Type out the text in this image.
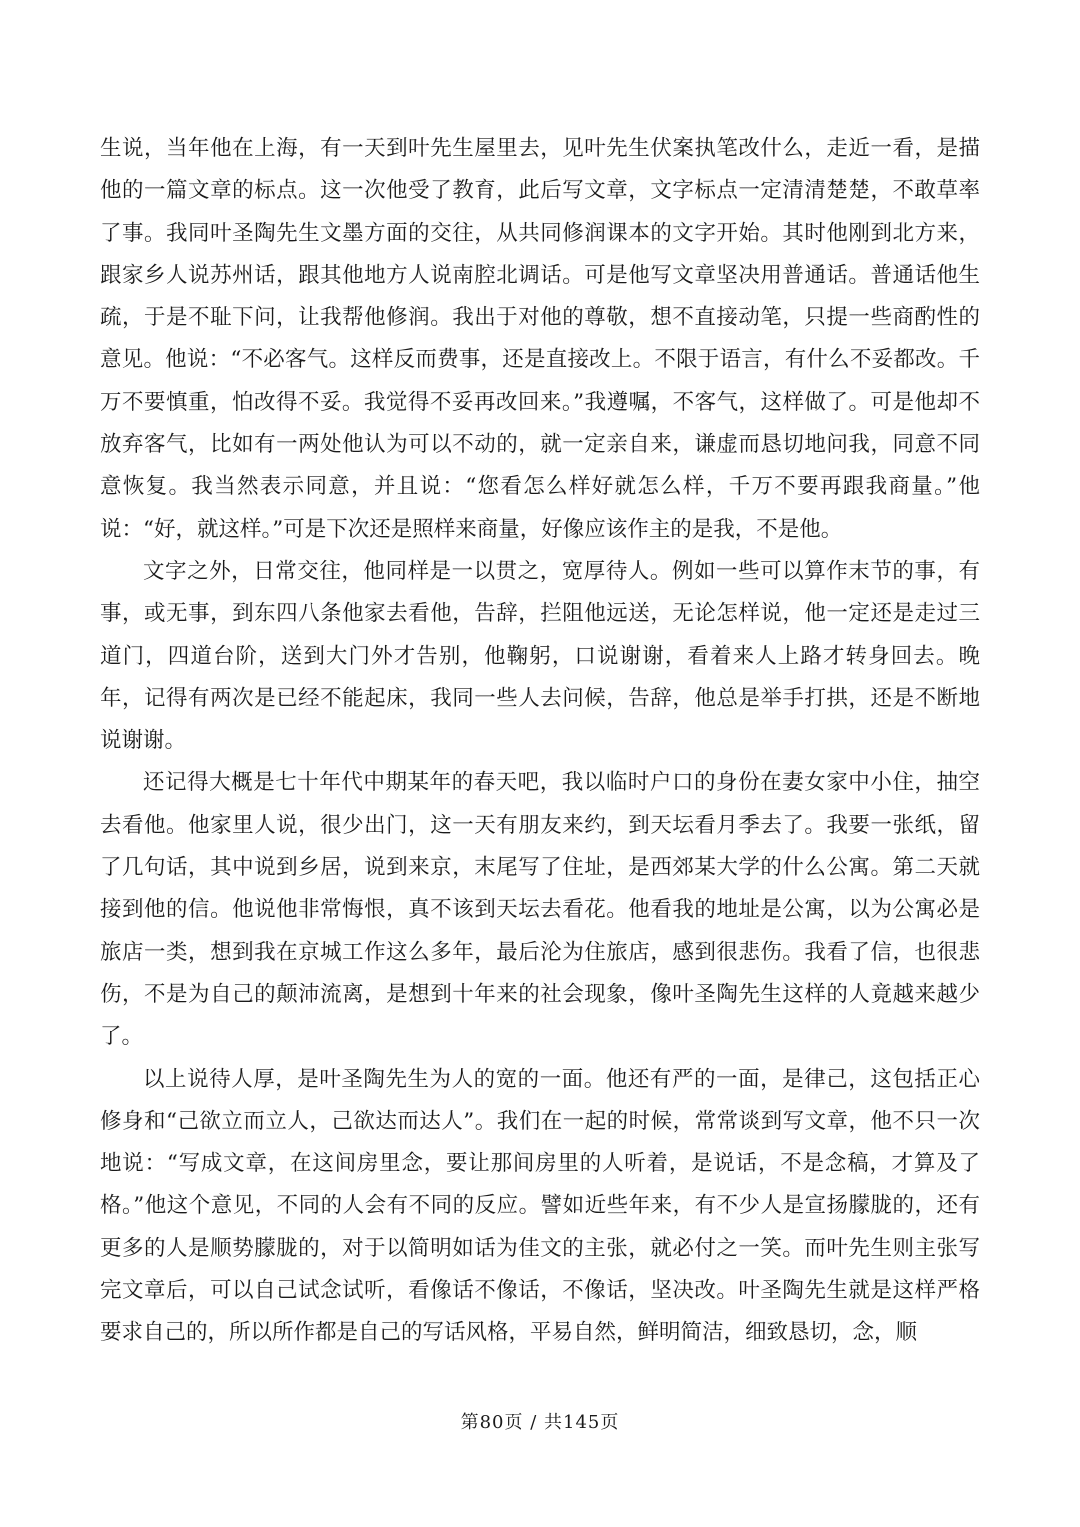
生说，当年他在上海，有一天到叶先生屋里去，见叶先生伏案执笔改什么，走近一看，是描他的一篇文章的标点。这一次他受了教育，此后写文章，文字标点一定清清楚楚，不敢草率了事。我同叶圣陶先生文墨方面的交往，从共同修润课本的文字开始。其时他刚到北方来，跟家乡人说苏州话，跟其他地方人说南腔北调话。可是他写文章坚决用普通话。普通话他生疏，于是不耻下问，让我帮他修润。我出于对他的尊敬，想不直接动笔，只提一些商酌性的意见。他说：“不必客气。这样反而费事，还是直接改上。不限于语言，有什么不妥都改。千万不要慎重，怕改得不妥。我觉得不妥再改回来。”我遵嘱，不客气，这样做了。可是他却不放弃客气，比如有一两处他认为可以不动的，就一定亲自来，谦虚而恳切地问我，同意不同意恢复。我当然表示同意，并且说：“您看怎么样好就怎么样，千万不要再跟我商量。”他说：“好，就这样。”可是下次还是照样来商量，好像应该作主的是我，不是他。

文字之外，日常交往，他同样是一以贯之，宽厚待人。例如一些可以算作末节的事，有事，或无事，到东四八条他家去看他，告辞，拦阻他远送，无论怎样说，他一定还是走过三道门，四道台阶，送到大门外才告别，他鞠躬，口说谢谢，看着来人上路才转身回去。晚年，记得有两次是已经不能起床，我同一些人去问候，告辞，他总是举手打拱，还是不断地说谢谢。

还记得大概是七十年代中期某年的春天吧，我以临时户口的身份在妻女家中小住，抽空去看他。他家里人说，很少出门，这一天有朋友来约，到天坛看月季去了。我要一张纸，留了几句话，其中说到乡居，说到来京，末尾写了住址，是西郊某大学的什么公寓。第二天就接到他的信。他说他非常悔恨，真不该到天坛去看花。他看我的地址是公寓，以为公寓必是旅店一类，想到我在京城工作这么多年，最后沦为住旅店，感到很悲伤。我看了信，也很悲伤，不是为自己的颠沛流离，是想到十年来的社会现象，像叶圣陶先生这样的人竟越来越少了。

以上说待人厚，是叶圣陶先生为人的宽的一面。他还有严的一面，是律己，这包括正心修身和“己欲立而立人，己欲达而达人”。我们在一起的时候，常常谈到写文章，他不只一次地说：“写成文章，在这间房里念，要让那间房里的人听着，是说话，不是念稿，才算及了格。”他这个意见，不同的人会有不同的反应。譬如近些年来，有不少人是宣扬朦胧的，还有更多的人是顺势朦胧的，对于以简明如话为佳文的主张，就必付之一笑。而叶先生则主张写完文章后，可以自己试念试听，看像话不像话，不像话，坚决改。叶圣陶先生就是这样严格要求自己的，所以所作都是自己的写话风格，平易自然，鲜明简洁，细致恳切，念，顺

第80页 / 共145页
